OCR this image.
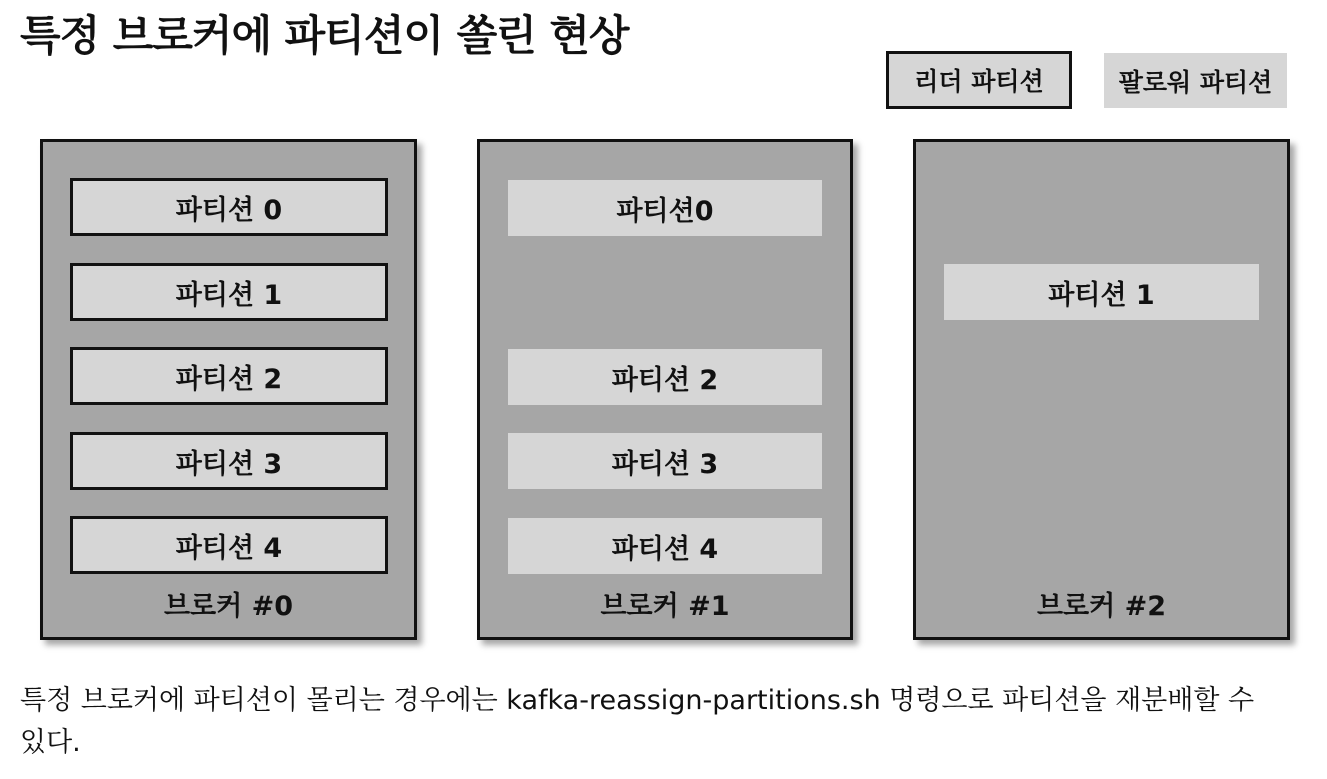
특정 브로커에 파티션이 쏠린 현상
리더 파티션	팔로워 파티션
파티션 0
파티션 1
파티션 2
파티션 3
파티션 4
브로커 #0
파티션0
파티션 2
파티션 3
파티션 4
브로커 #1
파티션 1
브로커 #2
특정 브로커에 파티션이 몰리는 경우에는 kafka-reassign-partitions.sh 명령으로 파티션을 재분배할 수 있다.
